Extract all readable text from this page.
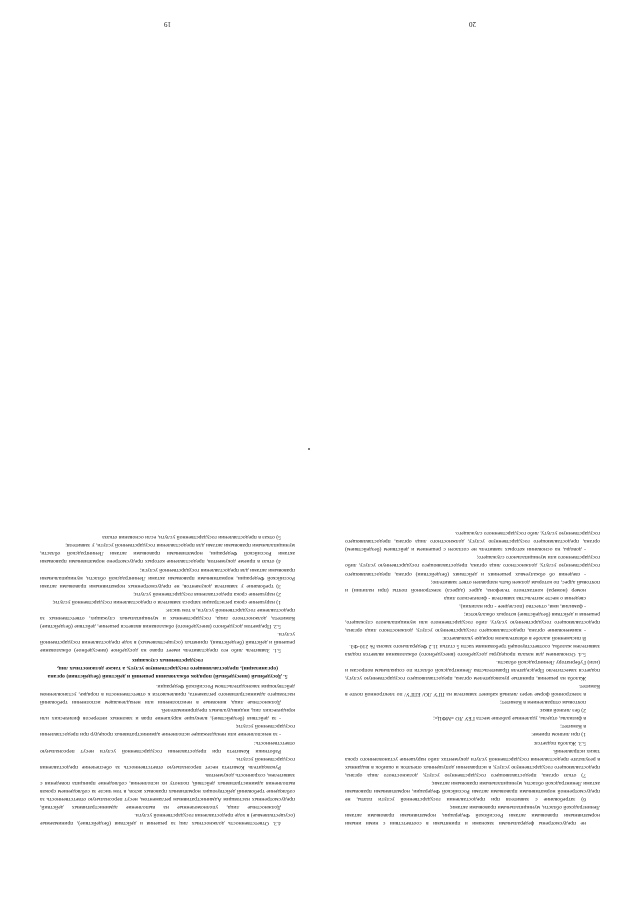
4.3. Ответственность должностных лиц за решения и действия (бездействие), принимаемые (осуществляемые) в ходе предоставления государственной услуги.

Должностные лица, уполномоченные на выполнение административных действий, предусмотренных настоящим Административным регламентом, несут персональную ответственность за соблюдение требований действующих нормативных правовых актов, в том числе за соблюдением сроков выполнения административных действий, полноту их исполнения, соблюдение принципа поведения с заявителем, сохранность документов.

Руководитель Комитета несет персональную ответственность за обеспечение предоставления государственной услуги.

Работники Комитета при предоставлении государственной услуги несут персональную ответственность:

- за неисполнение или ненадлежащее исполнение административных процедур при предоставлении государственной услуги;

- за действия (бездействие), влекущие нарушение прав и законных интересов физических или юридических лиц, индивидуальных предпринимателей.

Должностные лица, виновные в неисполнении или ненадлежащем исполнении требований настоящего административного регламента, привлекаются к ответственности в порядке, установленном действующим законодательством Российской Федерации.

5. Досудебный (внесудебный) порядок обжалования решений и действий (бездействия) органа (организации), предоставляющего государственную услугу, а также должностных лиц, государственных служащих

5.1. Заявитель либо его представитель имеет право на досудебное (внесудебное) обжалование решений и действий (бездействия), принятых (осуществляемых) в ходе предоставления государственной услуги.

5.2. Предметом досудебного (внесудебного) обжалования является решение, действие (бездействие) Комитета, должностного лица, государственных и муниципальных служащих, ответственных за предоставление государственной услуги, в том числе:

1) нарушение срока регистрации запроса заявителя о предоставлении государственной услуги;

2) нарушение срока предоставления государственной услуги;

3) требование у заявителя документов, не предусмотренных нормативными правовыми актами Российской Федерации, нормативными правовыми актами Ленинградской области, муниципальными правовыми актами для предоставления государственной услуги;

4) отказ в приеме документов, предоставление которых предусмотрено нормативными правовыми актами Российской Федерации, нормативными правовыми актами Ленинградской области, муниципальными правовыми актами для предоставления государственной услуги, у заявителя;

5) отказ в предоставлении государственной услуги, если основания отказа

не предусмотрены федеральными законами и принятыми в соответствии с ними иными нормативными правовыми актами Российской Федерации, нормативными правовыми актами Ленинградской области, муниципальными правовыми актами;

6) затребование с заявителя при предоставлении государственной услуги платы, не предусмотренной нормативными правовыми актами Российской Федерации, нормативными правовыми актами Ленинградской области, муниципальными правовыми актами;

7) отказ органа, предоставляющего государственную услугу, должностного лица органа, предоставляющего государственную услугу, в исправлении допущенных опечаток и ошибок в выданных в результате предоставления государственной услуги документах либо нарушение установленного срока таких исправлений.

5.3. Жалоба подается:

1) при личном приеме:

в Комитет;

в филиалы, отделы, удаленные рабочие места ГБУ ЛО «МФЦ»;

2) без личной явки:

почтовым отправлением в Комитет;

в электронной форме через личный кабинет заявителя на ПГУ ЛО/ ЕПГУ/ по электронной почте в Комитет.

Жалоба на решения, принятые руководителем органа, предоставляющего государственную услугу, подается заместителю Председателя Правительства Ленинградской области по социальным вопросам и (или) Губернатору Ленинградской области.

5.4. Основанием для начала процедуры досудебного (внесудебного) обжалования является подача заявителем жалобы, соответствующей требованиям части 5 статьи 11.2 Федерального закона № 210-ФЗ.

В письменной жалобе в обязательном порядке указывается:

- наименование органа, предоставляющего государственную услугу, должностного лица органа, предоставляющего государственную услугу, либо государственного или муниципального служащего, решения и действия (бездействие) которых обжалуются;

- фамилия, имя, отчество (последнее - при наличии),

сведения о месте жительства заявителя - физического лица

номер (номера) контактного телефона, адрес (адреса) электронной почты (при наличии) и почтовый адрес, по которым должен быть направлен ответ заявителю;

- сведения об обжалуемых решениях и действиях (бездействии) органа, предоставляющего государственную услугу, должностного лица органа, предоставляющего государственную услугу, либо государственного или муниципального служащего;

- доводы, на основании которых заявитель не согласен с решением и действием (бездействием) органа, предоставляющего государственную услугу, должностного лица органа, предоставляющего государственную услугу, либо государственного служащего.

19	20
